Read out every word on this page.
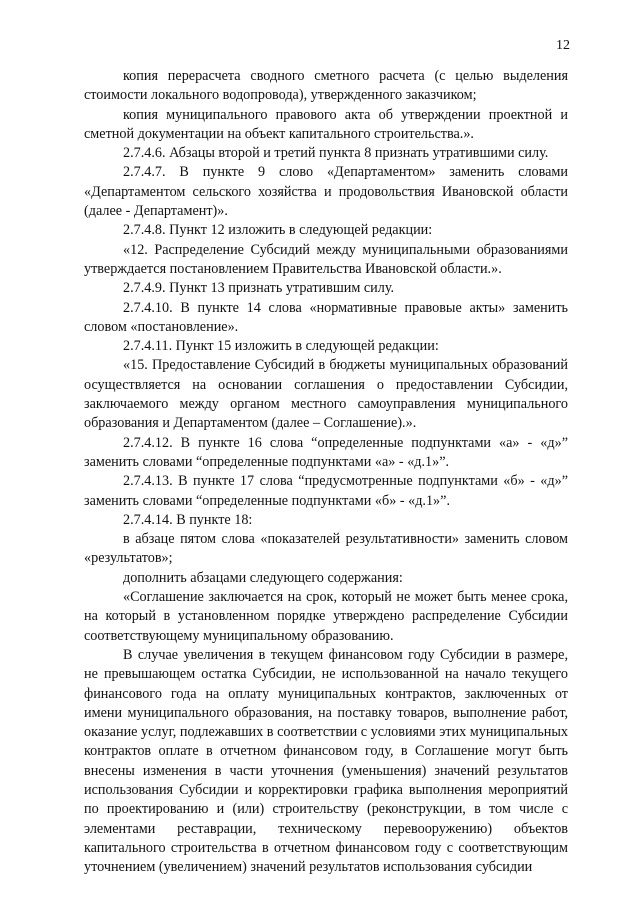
12

копия перерасчета сводного сметного расчета (с целью выделения стоимости локального водопровода), утвержденного заказчиком;

копия муниципального правового акта об утверждении проектной и сметной документации на объект капитального строительства.».

2.7.4.6. Абзацы второй и третий пункта 8 признать утратившими силу.

2.7.4.7. В пункте 9 слово «Департаментом» заменить словами «Департаментом сельского хозяйства и продовольствия Ивановской области (далее - Департамент)».

2.7.4.8. Пункт 12 изложить в следующей редакции:

«12. Распределение Субсидий между муниципальными образованиями утверждается постановлением Правительства Ивановской области.».

2.7.4.9. Пункт 13 признать утратившим силу.

2.7.4.10. В пункте 14 слова «нормативные правовые акты» заменить словом «постановление».

2.7.4.11. Пункт 15 изложить в следующей редакции:

«15. Предоставление Субсидий в бюджеты муниципальных образований осуществляется на основании соглашения о предоставлении Субсидии, заключаемого между органом местного самоуправления муниципального образования и Департаментом (далее – Соглашение).».

2.7.4.12. В пункте 16 слова “определенные подпунктами «а» - «д»” заменить словами “определенные подпунктами «а» - «д.1»”.

2.7.4.13. В пункте 17 слова “предусмотренные подпунктами «б» - «д»” заменить словами “определенные подпунктами «б» - «д.1»”.

2.7.4.14. В пункте 18:

в абзаце пятом слова «показателей результативности» заменить словом «результатов»;

дополнить абзацами следующего содержания:

«Соглашение заключается на срок, который не может быть менее срока, на который в установленном порядке утверждено распределение Субсидии соответствующему муниципальному образованию.

В случае увеличения в текущем финансовом году Субсидии в размере, не превышающем остатка Субсидии, не использованной на начало текущего финансового года на оплату муниципальных контрактов, заключенных от имени муниципального образования, на поставку товаров, выполнение работ, оказание услуг, подлежавших в соответствии с условиями этих муниципальных контрактов оплате в отчетном финансовом году, в Соглашение могут быть внесены изменения в части уточнения (уменьшения) значений результатов использования Субсидии и корректировки графика выполнения мероприятий по проектированию и (или) строительству (реконструкции, в том числе с элементами реставрации, техническому перевооружению) объектов капитального строительства в отчетном финансовом году с соответствующим уточнением (увеличением) значений результатов использования субсидии
